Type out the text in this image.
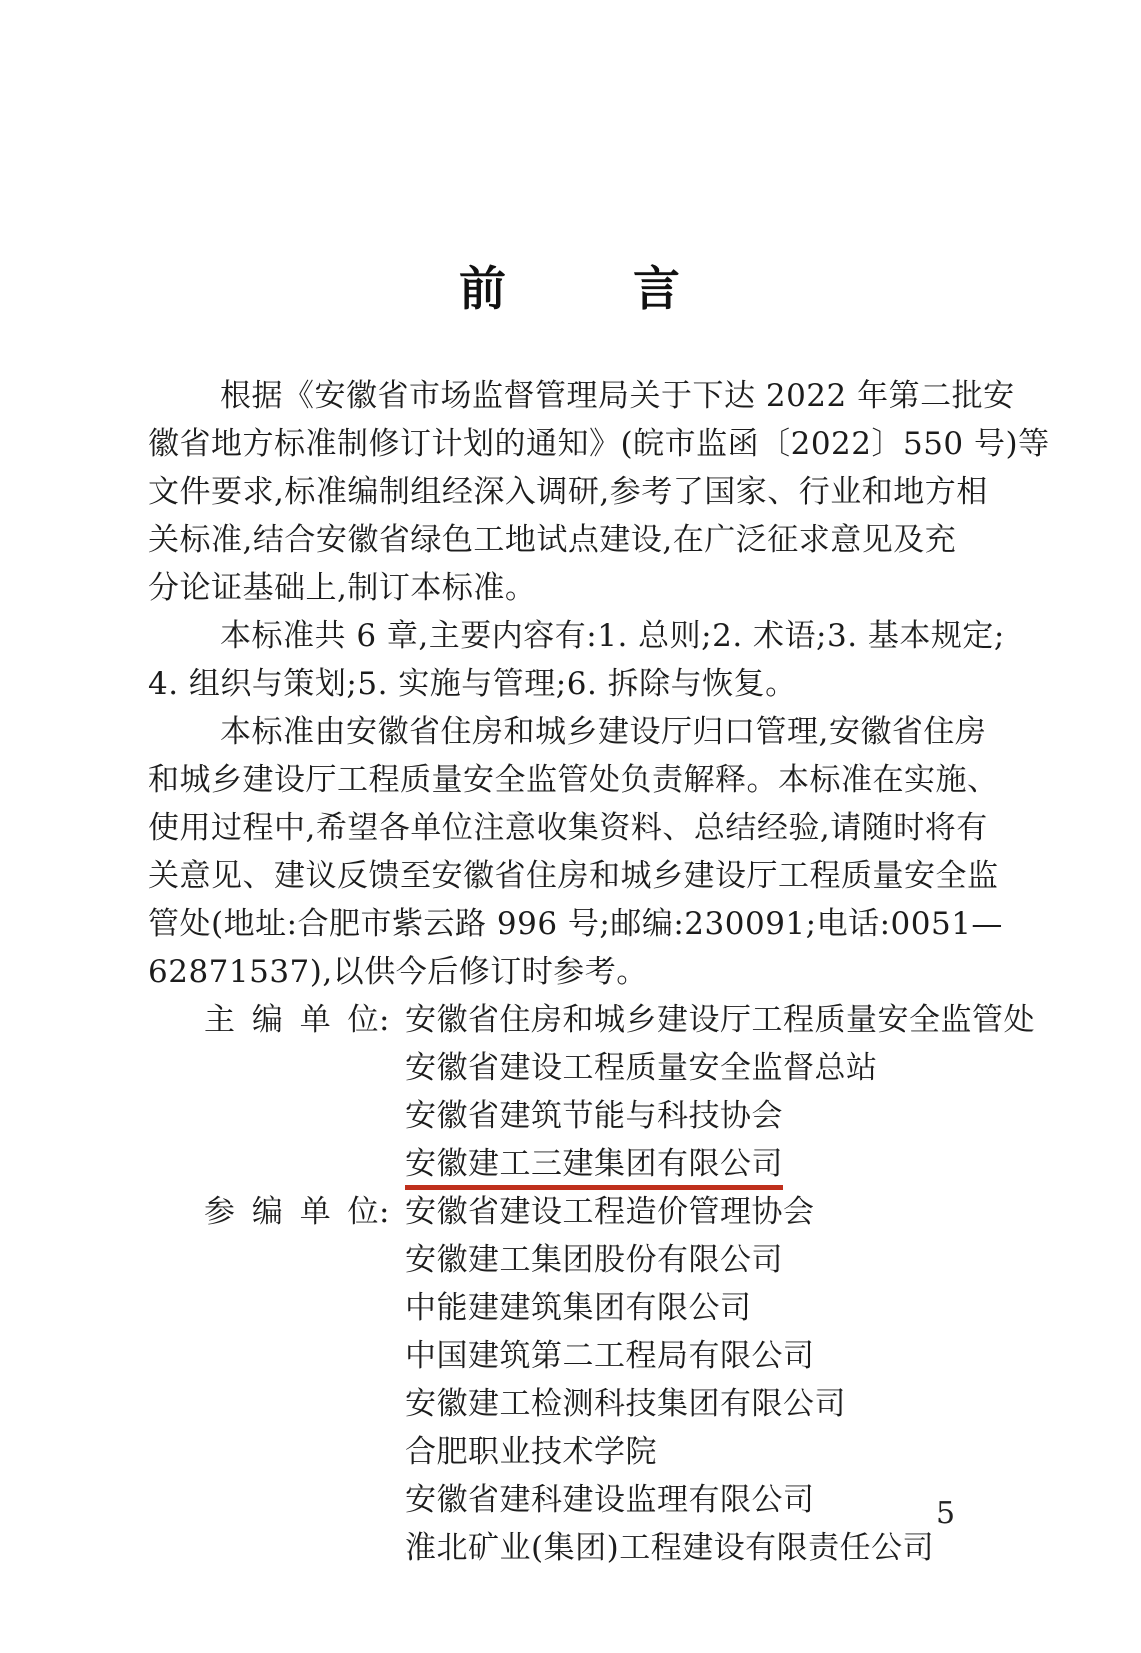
前	言
根据《安徽省市场监督管理局关于下达 2022 年第二批安
徽省地方标准制修订计划的通知》(皖市监函〔2022〕550 号)等
文件要求,标准编制组经深入调研,参考了国家、行业和地方相
关标准,结合安徽省绿色工地试点建设,在广泛征求意见及充
分论证基础上,制订本标准。
本标准共 6 章,主要内容有:1. 总则;2. 术语;3. 基本规定;
4. 组织与策划;5. 实施与管理;6. 拆除与恢复。
本标准由安徽省住房和城乡建设厅归口管理,安徽省住房
和城乡建设厅工程质量安全监管处负责解释。本标准在实施、
使用过程中,希望各单位注意收集资料、总结经验,请随时将有
关意见、建议反馈至安徽省住房和城乡建设厅工程质量安全监
管处(地址:合肥市紫云路 996 号;邮编:230091;电话:0051—
62871537),以供今后修订时参考。
主 编 单 位: 安徽省住房和城乡建设厅工程质量安全监管处
安徽省建设工程质量安全监督总站
安徽省建筑节能与科技协会
安徽建工三建集团有限公司
参 编 单 位: 安徽省建设工程造价管理协会
安徽建工集团股份有限公司
中能建建筑集团有限公司
中国建筑第二工程局有限公司
安徽建工检测科技集团有限公司
合肥职业技术学院
安徽省建科建设监理有限公司
淮北矿业(集团)工程建设有限责任公司
5
